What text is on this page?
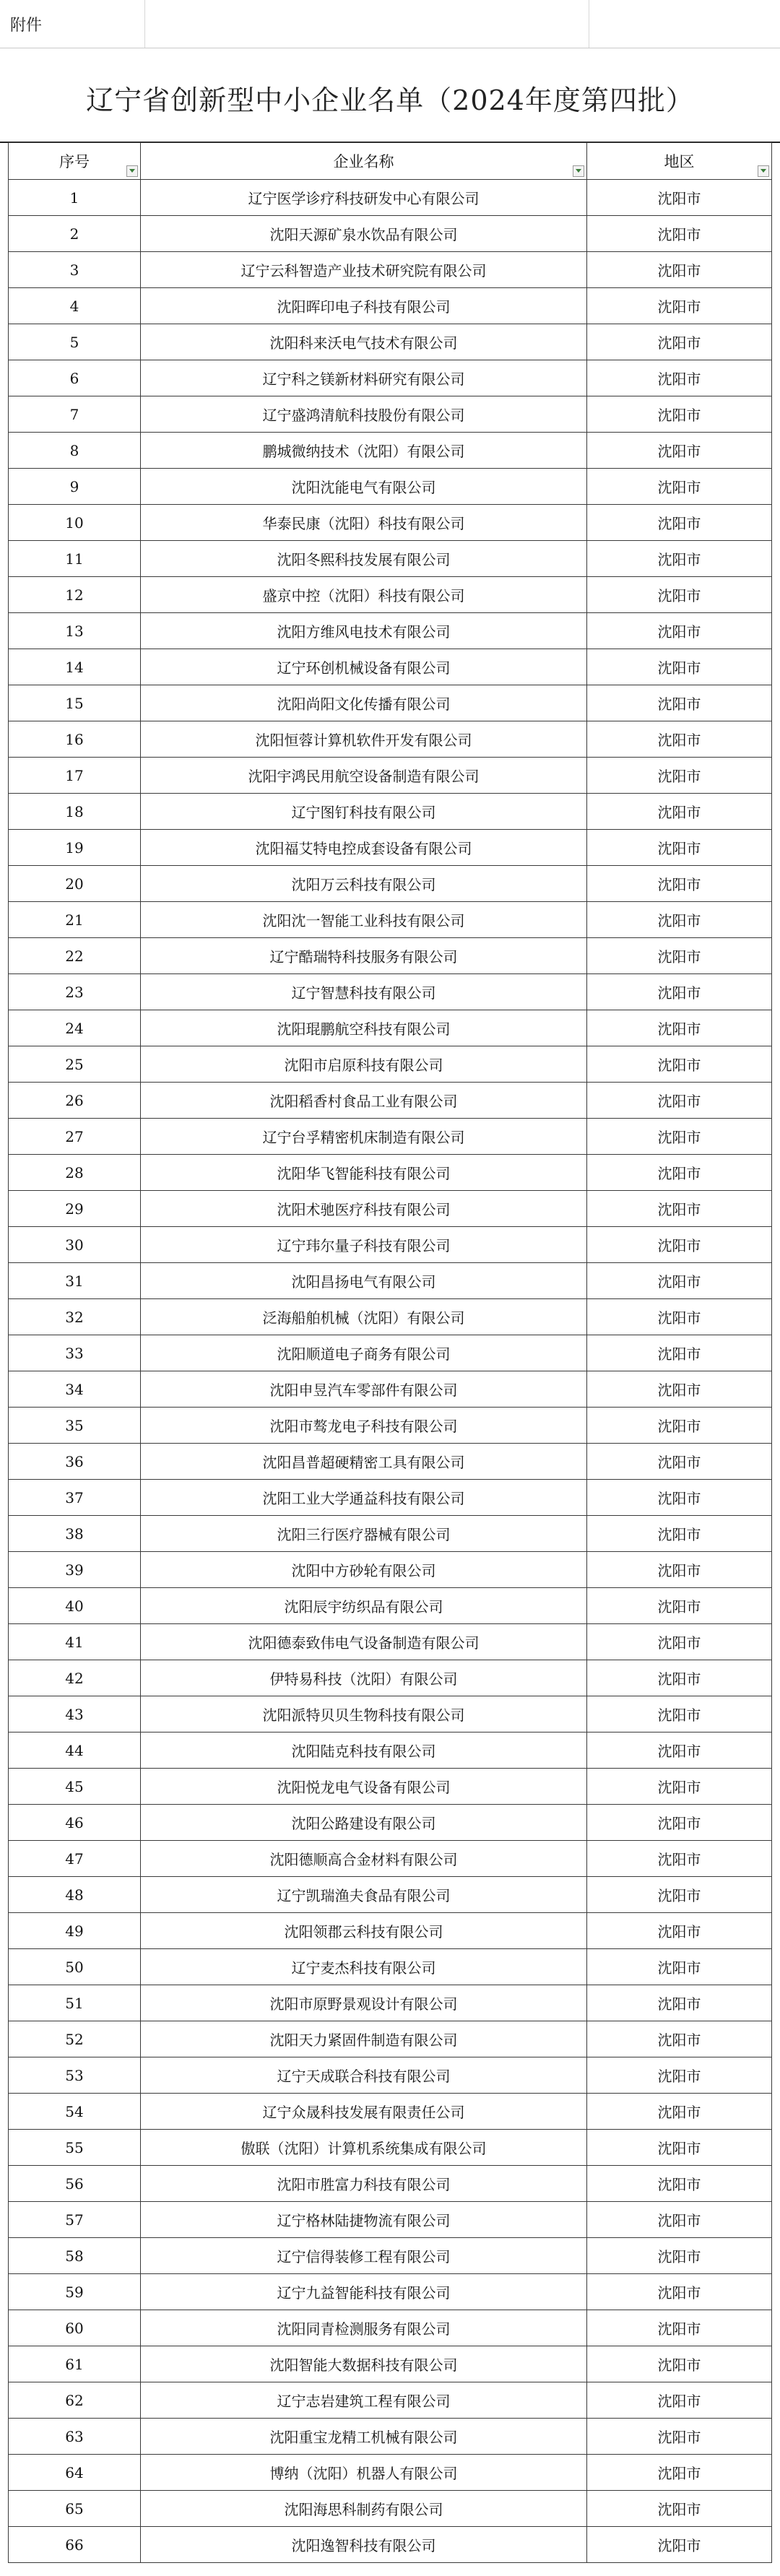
附件
辽宁省创新型中小企业名单（2024年度第四批）
序号	企业名称	地区

1	辽宁医学诊疗科技研发中心有限公司	沈阳市
2	沈阳天源矿泉水饮品有限公司	沈阳市
3	辽宁云科智造产业技术研究院有限公司	沈阳市
4	沈阳晖印电子科技有限公司	沈阳市
5	沈阳科来沃电气技术有限公司	沈阳市
6	辽宁科之镁新材料研究有限公司	沈阳市
7	辽宁盛鸿清航科技股份有限公司	沈阳市
8	鹏城微纳技术（沈阳）有限公司	沈阳市
9	沈阳沈能电气有限公司	沈阳市
10	华泰民康（沈阳）科技有限公司	沈阳市
11	沈阳冬熙科技发展有限公司	沈阳市
12	盛京中控（沈阳）科技有限公司	沈阳市
13	沈阳方维风电技术有限公司	沈阳市
14	辽宁环创机械设备有限公司	沈阳市
15	沈阳尚阳文化传播有限公司	沈阳市
16	沈阳恒蓉计算机软件开发有限公司	沈阳市
17	沈阳宇鸿民用航空设备制造有限公司	沈阳市
18	辽宁图钉科技有限公司	沈阳市
19	沈阳福艾特电控成套设备有限公司	沈阳市
20	沈阳万云科技有限公司	沈阳市
21	沈阳沈一智能工业科技有限公司	沈阳市
22	辽宁酷瑞特科技服务有限公司	沈阳市
23	辽宁智慧科技有限公司	沈阳市
24	沈阳琨鹏航空科技有限公司	沈阳市
25	沈阳市启原科技有限公司	沈阳市
26	沈阳稻香村食品工业有限公司	沈阳市
27	辽宁台孚精密机床制造有限公司	沈阳市
28	沈阳华飞智能科技有限公司	沈阳市
29	沈阳术驰医疗科技有限公司	沈阳市
30	辽宁玮尔量子科技有限公司	沈阳市
31	沈阳昌扬电气有限公司	沈阳市
32	泛海船舶机械（沈阳）有限公司	沈阳市
33	沈阳顺道电子商务有限公司	沈阳市
34	沈阳申昱汽车零部件有限公司	沈阳市
35	沈阳市骜龙电子科技有限公司	沈阳市
36	沈阳昌普超硬精密工具有限公司	沈阳市
37	沈阳工业大学通益科技有限公司	沈阳市
38	沈阳三行医疗器械有限公司	沈阳市
39	沈阳中方砂轮有限公司	沈阳市
40	沈阳辰宇纺织品有限公司	沈阳市
41	沈阳德泰致伟电气设备制造有限公司	沈阳市
42	伊特易科技（沈阳）有限公司	沈阳市
43	沈阳派特贝贝生物科技有限公司	沈阳市
44	沈阳陆克科技有限公司	沈阳市
45	沈阳悦龙电气设备有限公司	沈阳市
46	沈阳公路建设有限公司	沈阳市
47	沈阳德顺高合金材料有限公司	沈阳市
48	辽宁凯瑞渔夫食品有限公司	沈阳市
49	沈阳领郡云科技有限公司	沈阳市
50	辽宁麦杰科技有限公司	沈阳市
51	沈阳市原野景观设计有限公司	沈阳市
52	沈阳天力紧固件制造有限公司	沈阳市
53	辽宁天成联合科技有限公司	沈阳市
54	辽宁众晟科技发展有限责任公司	沈阳市
55	傲联（沈阳）计算机系统集成有限公司	沈阳市
56	沈阳市胜富力科技有限公司	沈阳市
57	辽宁格林陆捷物流有限公司	沈阳市
58	辽宁信得装修工程有限公司	沈阳市
59	辽宁九益智能科技有限公司	沈阳市
60	沈阳同青检测服务有限公司	沈阳市
61	沈阳智能大数据科技有限公司	沈阳市
62	辽宁志岩建筑工程有限公司	沈阳市
63	沈阳重宝龙精工机械有限公司	沈阳市
64	博纳（沈阳）机器人有限公司	沈阳市
65	沈阳海思科制药有限公司	沈阳市
66	沈阳逸智科技有限公司	沈阳市
